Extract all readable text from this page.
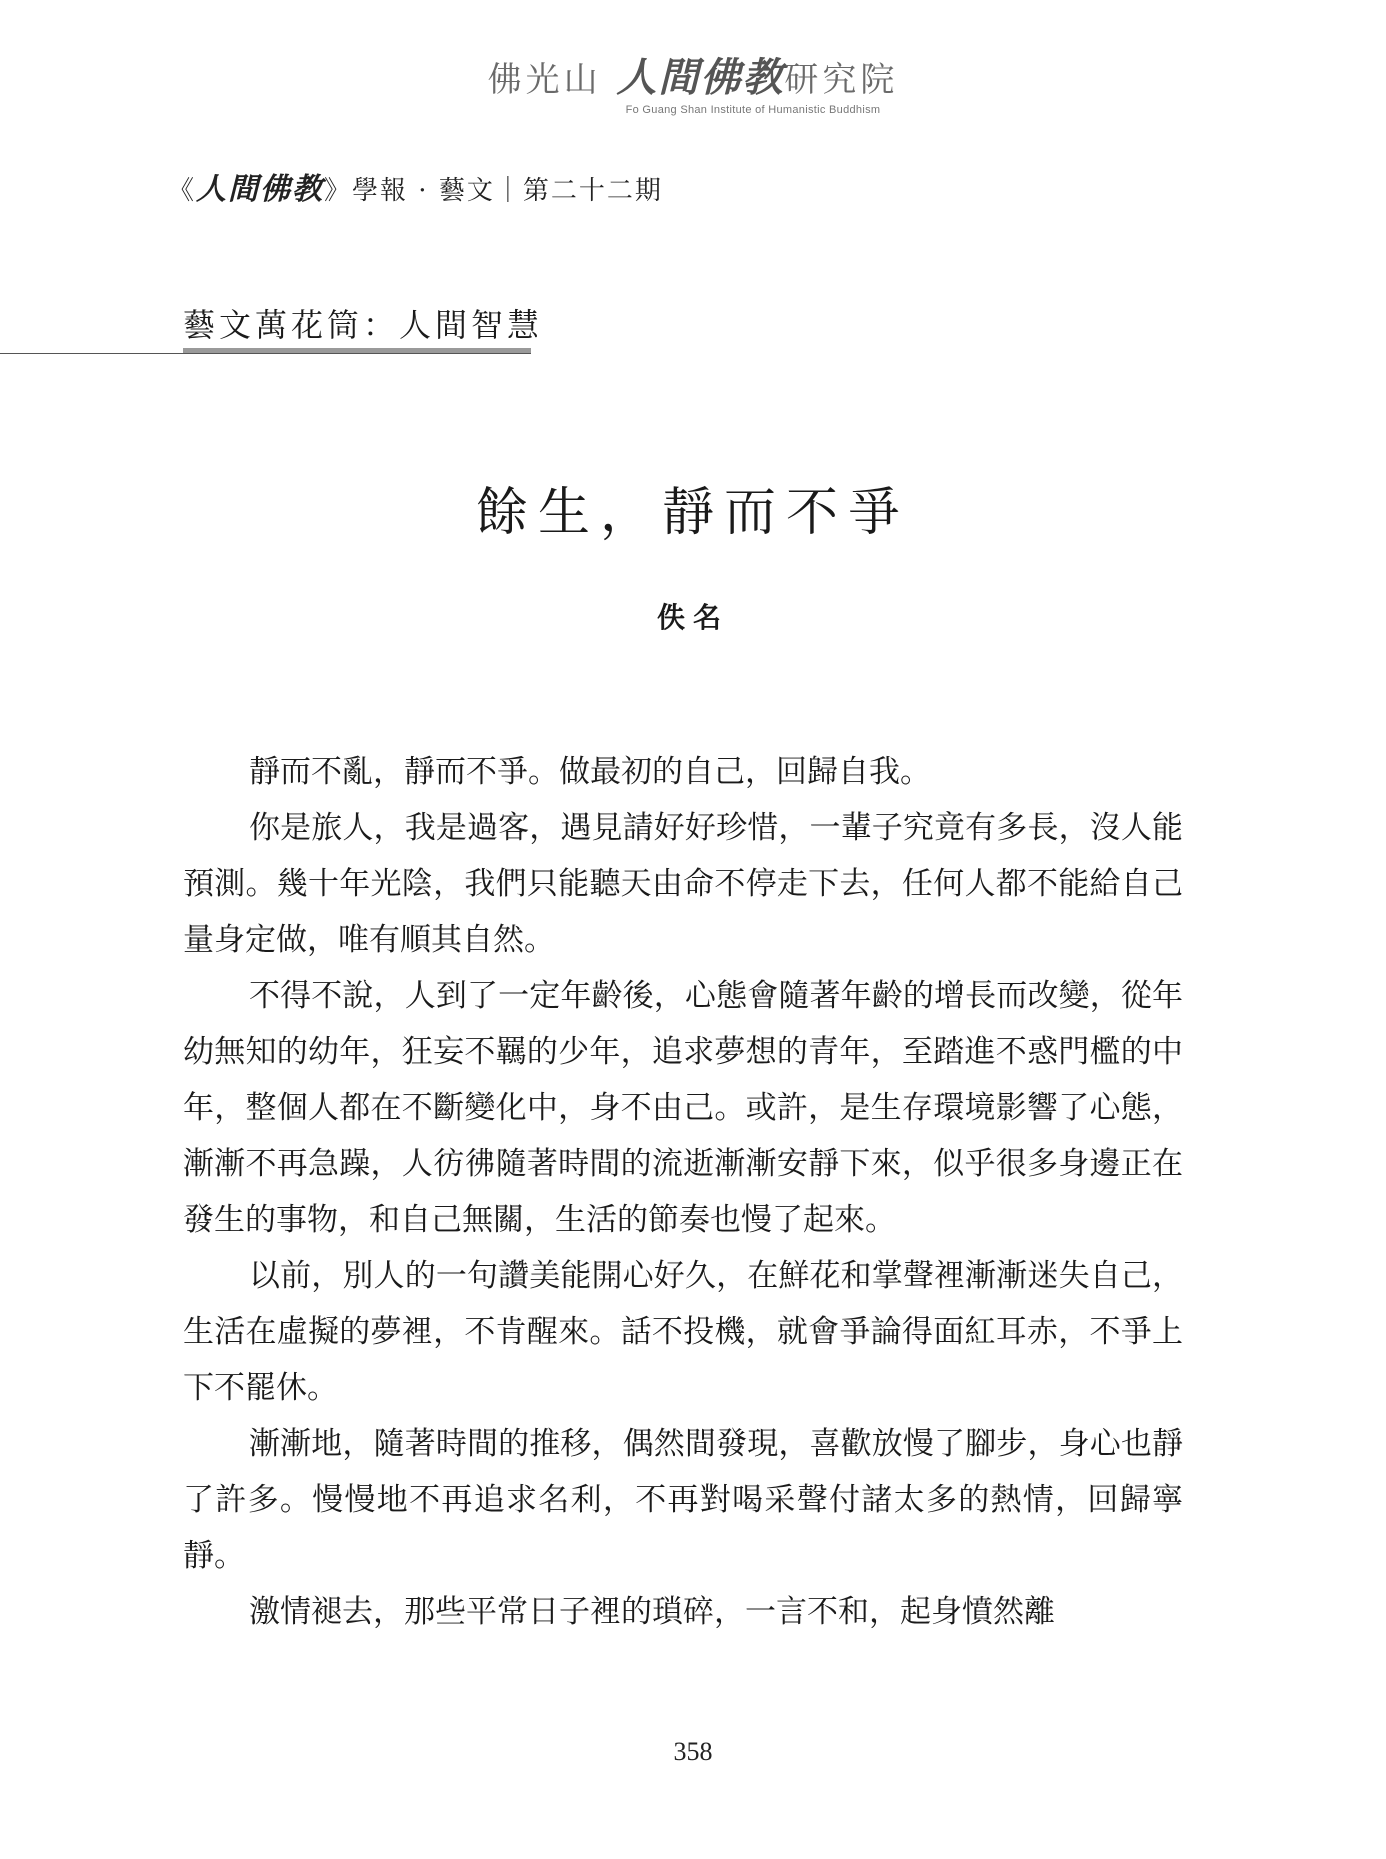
佛光山 人間佛教研究院
Fo Guang Shan Institute of Humanistic Buddhism
《人間佛教》學報 · 藝文｜第二十二期
藝文萬花筒：人間智慧
餘生，靜而不爭
佚名

靜而不亂，靜而不爭。做最初的自己，回歸自我。

你是旅人，我是過客，遇見請好好珍惜，一輩子究竟有多長，沒人能預測。幾十年光陰，我們只能聽天由命不停走下去，任何人都不能給自己量身定做，唯有順其自然。

不得不說，人到了一定年齡後，心態會隨著年齡的增長而改變，從年幼無知的幼年，狂妄不羈的少年，追求夢想的青年，至踏進不惑門檻的中年，整個人都在不斷變化中，身不由己。或許，是生存環境影響了心態，漸漸不再急躁，人彷彿隨著時間的流逝漸漸安靜下來，似乎很多身邊正在發生的事物，和自己無關，生活的節奏也慢了起來。

以前，別人的一句讚美能開心好久，在鮮花和掌聲裡漸漸迷失自己，生活在虛擬的夢裡，不肯醒來。話不投機，就會爭論得面紅耳赤，不爭上下不罷休。

漸漸地，隨著時間的推移，偶然間發現，喜歡放慢了腳步，身心也靜了許多。慢慢地不再追求名利，不再對喝采聲付諸太多的熱情，回歸寧靜。

激情褪去，那些平常日子裡的瑣碎，一言不和，起身憤然離

358
